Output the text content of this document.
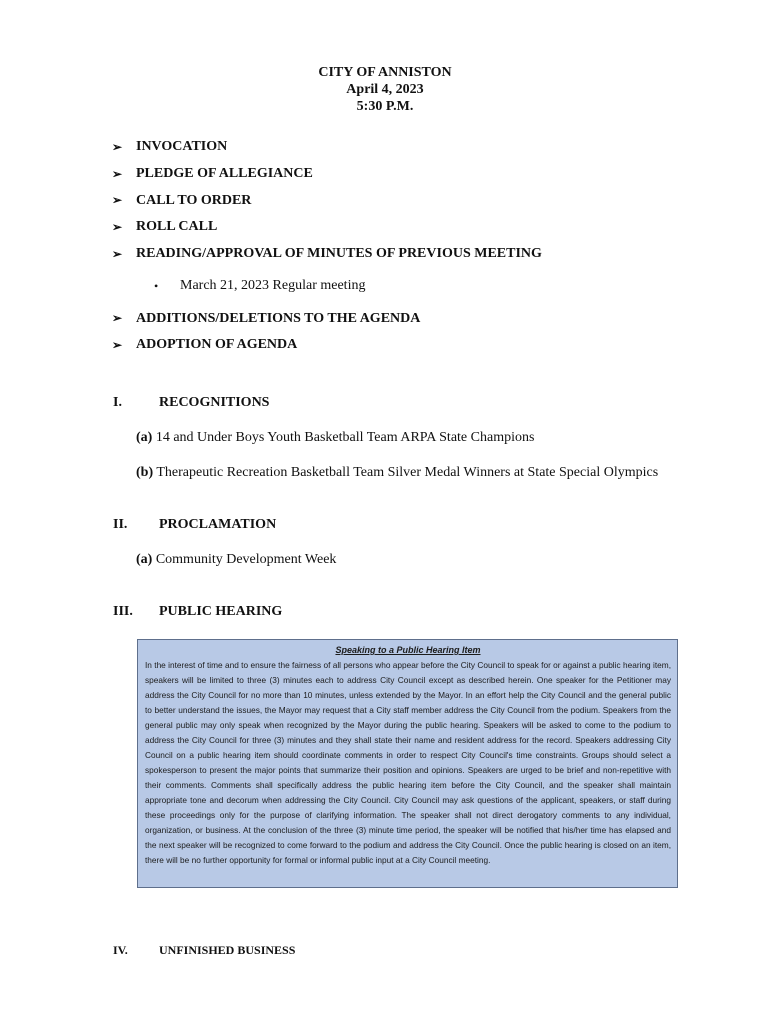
CITY OF ANNISTON
April 4, 2023
5:30 P.M.
➢ INVOCATION
➢ PLEDGE OF ALLEGIANCE
➢ CALL TO ORDER
➢ ROLL CALL
➢ READING/APPROVAL OF MINUTES OF PREVIOUS MEETING
•	March 21, 2023 Regular meeting
➢ ADDITIONS/DELETIONS TO THE AGENDA
➢ ADOPTION OF AGENDA
I.	RECOGNITIONS
(a) 14 and Under Boys Youth Basketball Team ARPA State Champions
(b) Therapeutic Recreation Basketball Team Silver Medal Winners at State Special Olympics
II.	PROCLAMATION
(a) Community Development Week
III.	PUBLIC HEARING
Speaking to a Public Hearing Item

In the interest of time and to ensure the fairness of all persons who appear before the City Council to speak for or against a public hearing item, speakers will be limited to three (3) minutes each to address City Council except as described herein. One speaker for the Petitioner may address the City Council for no more than 10 minutes, unless extended by the Mayor. In an effort help the City Council and the general public to better understand the issues, the Mayor may request that a City staff member address the City Council from the podium. Speakers from the general public may only speak when recognized by the Mayor during the public hearing. Speakers will be asked to come to the podium to address the City Council for three (3) minutes and they shall state their name and resident address for the record. Speakers addressing City Council on a public hearing item should coordinate comments in order to respect City Council's time constraints. Groups should select a spokesperson to present the major points that summarize their position and opinions. Speakers are urged to be brief and non-repetitive with their comments. Comments shall specifically address the public hearing item before the City Council, and the speaker shall maintain appropriate tone and decorum when addressing the City Council. City Council may ask questions of the applicant, speakers, or staff during these proceedings only for the purpose of clarifying information. The speaker shall not direct derogatory comments to any individual, organization, or business. At the conclusion of the three (3) minute time period, the speaker will be notified that his/her time has elapsed and the next speaker will be recognized to come forward to the podium and address the City Council. Once the public hearing is closed on an item, there will be no further opportunity for formal or informal public input at a City Council meeting.

IV.	UNFINISHED BUSINESS
